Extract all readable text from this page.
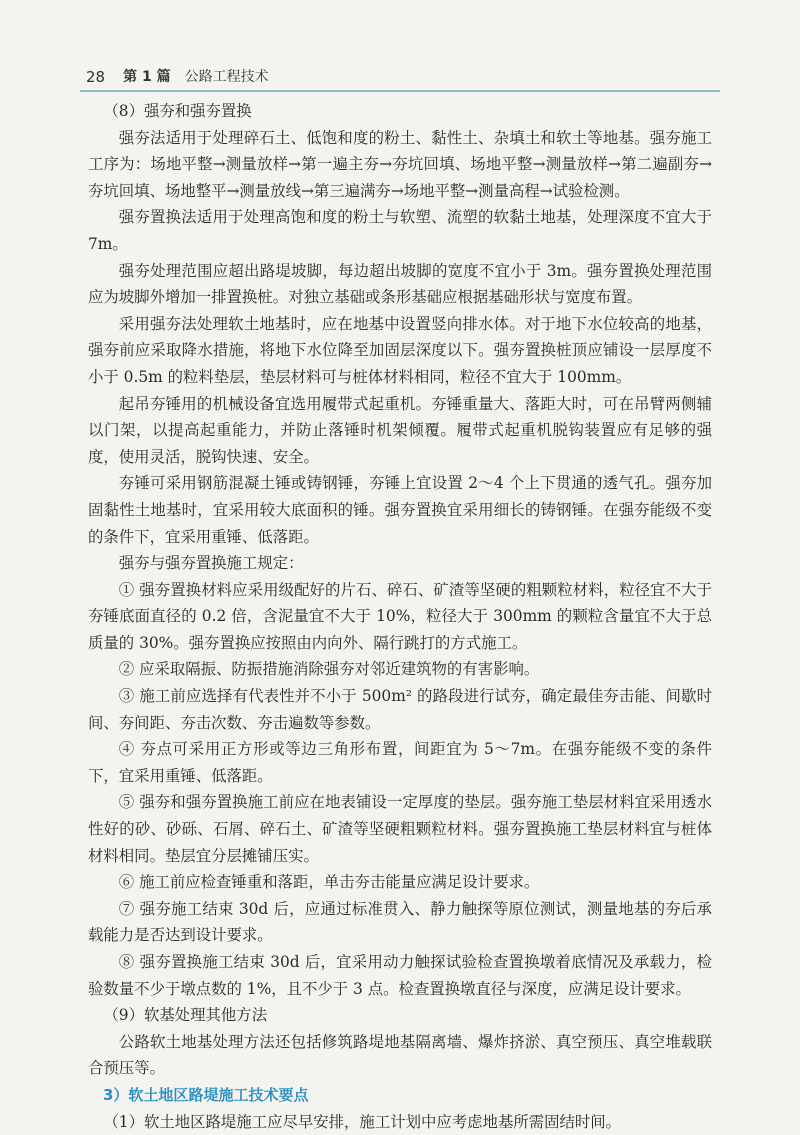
28 第 1 篇 公路工程技术

（8）强夯和强夯置换

强夯法适用于处理碎石土、低饱和度的粉土、黏性土、杂填土和软土等地基。强夯施工工序为：场地平整→测量放样→第一遍主夯→夯坑回填、场地平整→测量放样→第二遍副夯→夯坑回填、场地整平→测量放线→第三遍满夯→场地平整→测量高程→试验检测。

强夯置换法适用于处理高饱和度的粉土与软塑、流塑的软黏土地基，处理深度不宜大于 7m。

强夯处理范围应超出路堤坡脚，每边超出坡脚的宽度不宜小于 3m。强夯置换处理范围应为坡脚外增加一排置换桩。对独立基础或条形基础应根据基础形状与宽度布置。

采用强夯法处理软土地基时，应在地基中设置竖向排水体。对于地下水位较高的地基，强夯前应采取降水措施，将地下水位降至加固层深度以下。强夯置换桩顶应铺设一层厚度不小于 0.5m 的粒料垫层，垫层材料可与桩体材料相同，粒径不宜大于 100mm。

起吊夯锤用的机械设备宜选用履带式起重机。夯锤重量大、落距大时，可在吊臂两侧辅以门架，以提高起重能力，并防止落锤时机架倾覆。履带式起重机脱钩装置应有足够的强度，使用灵活，脱钩快速、安全。

夯锤可采用钢筋混凝土锤或铸钢锤，夯锤上宜设置 2～4 个上下贯通的透气孔。强夯加固黏性土地基时，宜采用较大底面积的锤。强夯置换宜采用细长的铸钢锤。在强夯能级不变的条件下，宜采用重锤、低落距。

强夯与强夯置换施工规定：

① 强夯置换材料应采用级配好的片石、碎石、矿渣等坚硬的粗颗粒材料，粒径宜不大于夯锤底面直径的 0.2 倍，含泥量宜不大于 10%，粒径大于 300mm 的颗粒含量宜不大于总质量的 30%。强夯置换应按照由内向外、隔行跳打的方式施工。

② 应采取隔振、防振措施消除强夯对邻近建筑物的有害影响。

③ 施工前应选择有代表性并不小于 500m² 的路段进行试夯，确定最佳夯击能、间歇时间、夯间距、夯击次数、夯击遍数等参数。

④ 夯点可采用正方形或等边三角形布置，间距宜为 5～7m。在强夯能级不变的条件下，宜采用重锤、低落距。

⑤ 强夯和强夯置换施工前应在地表铺设一定厚度的垫层。强夯施工垫层材料宜采用透水性好的砂、砂砾、石屑、碎石土、矿渣等坚硬粗颗粒材料。强夯置换施工垫层材料宜与桩体材料相同。垫层宜分层摊铺压实。

⑥ 施工前应检查锤重和落距，单击夯击能量应满足设计要求。

⑦ 强夯施工结束 30d 后，应通过标准贯入、静力触探等原位测试，测量地基的夯后承载能力是否达到设计要求。

⑧ 强夯置换施工结束 30d 后，宜采用动力触探试验检查置换墩着底情况及承载力，检验数量不少于墩点数的 1%，且不少于 3 点。检查置换墩直径与深度，应满足设计要求。

（9）软基处理其他方法

公路软土地基处理方法还包括修筑路堤地基隔离墙、爆炸挤淤、真空预压、真空堆载联合预压等。

3）软土地区路堤施工技术要点

（1）软土地区路堤施工应尽早安排，施工计划中应考虑地基所需固结时间。
